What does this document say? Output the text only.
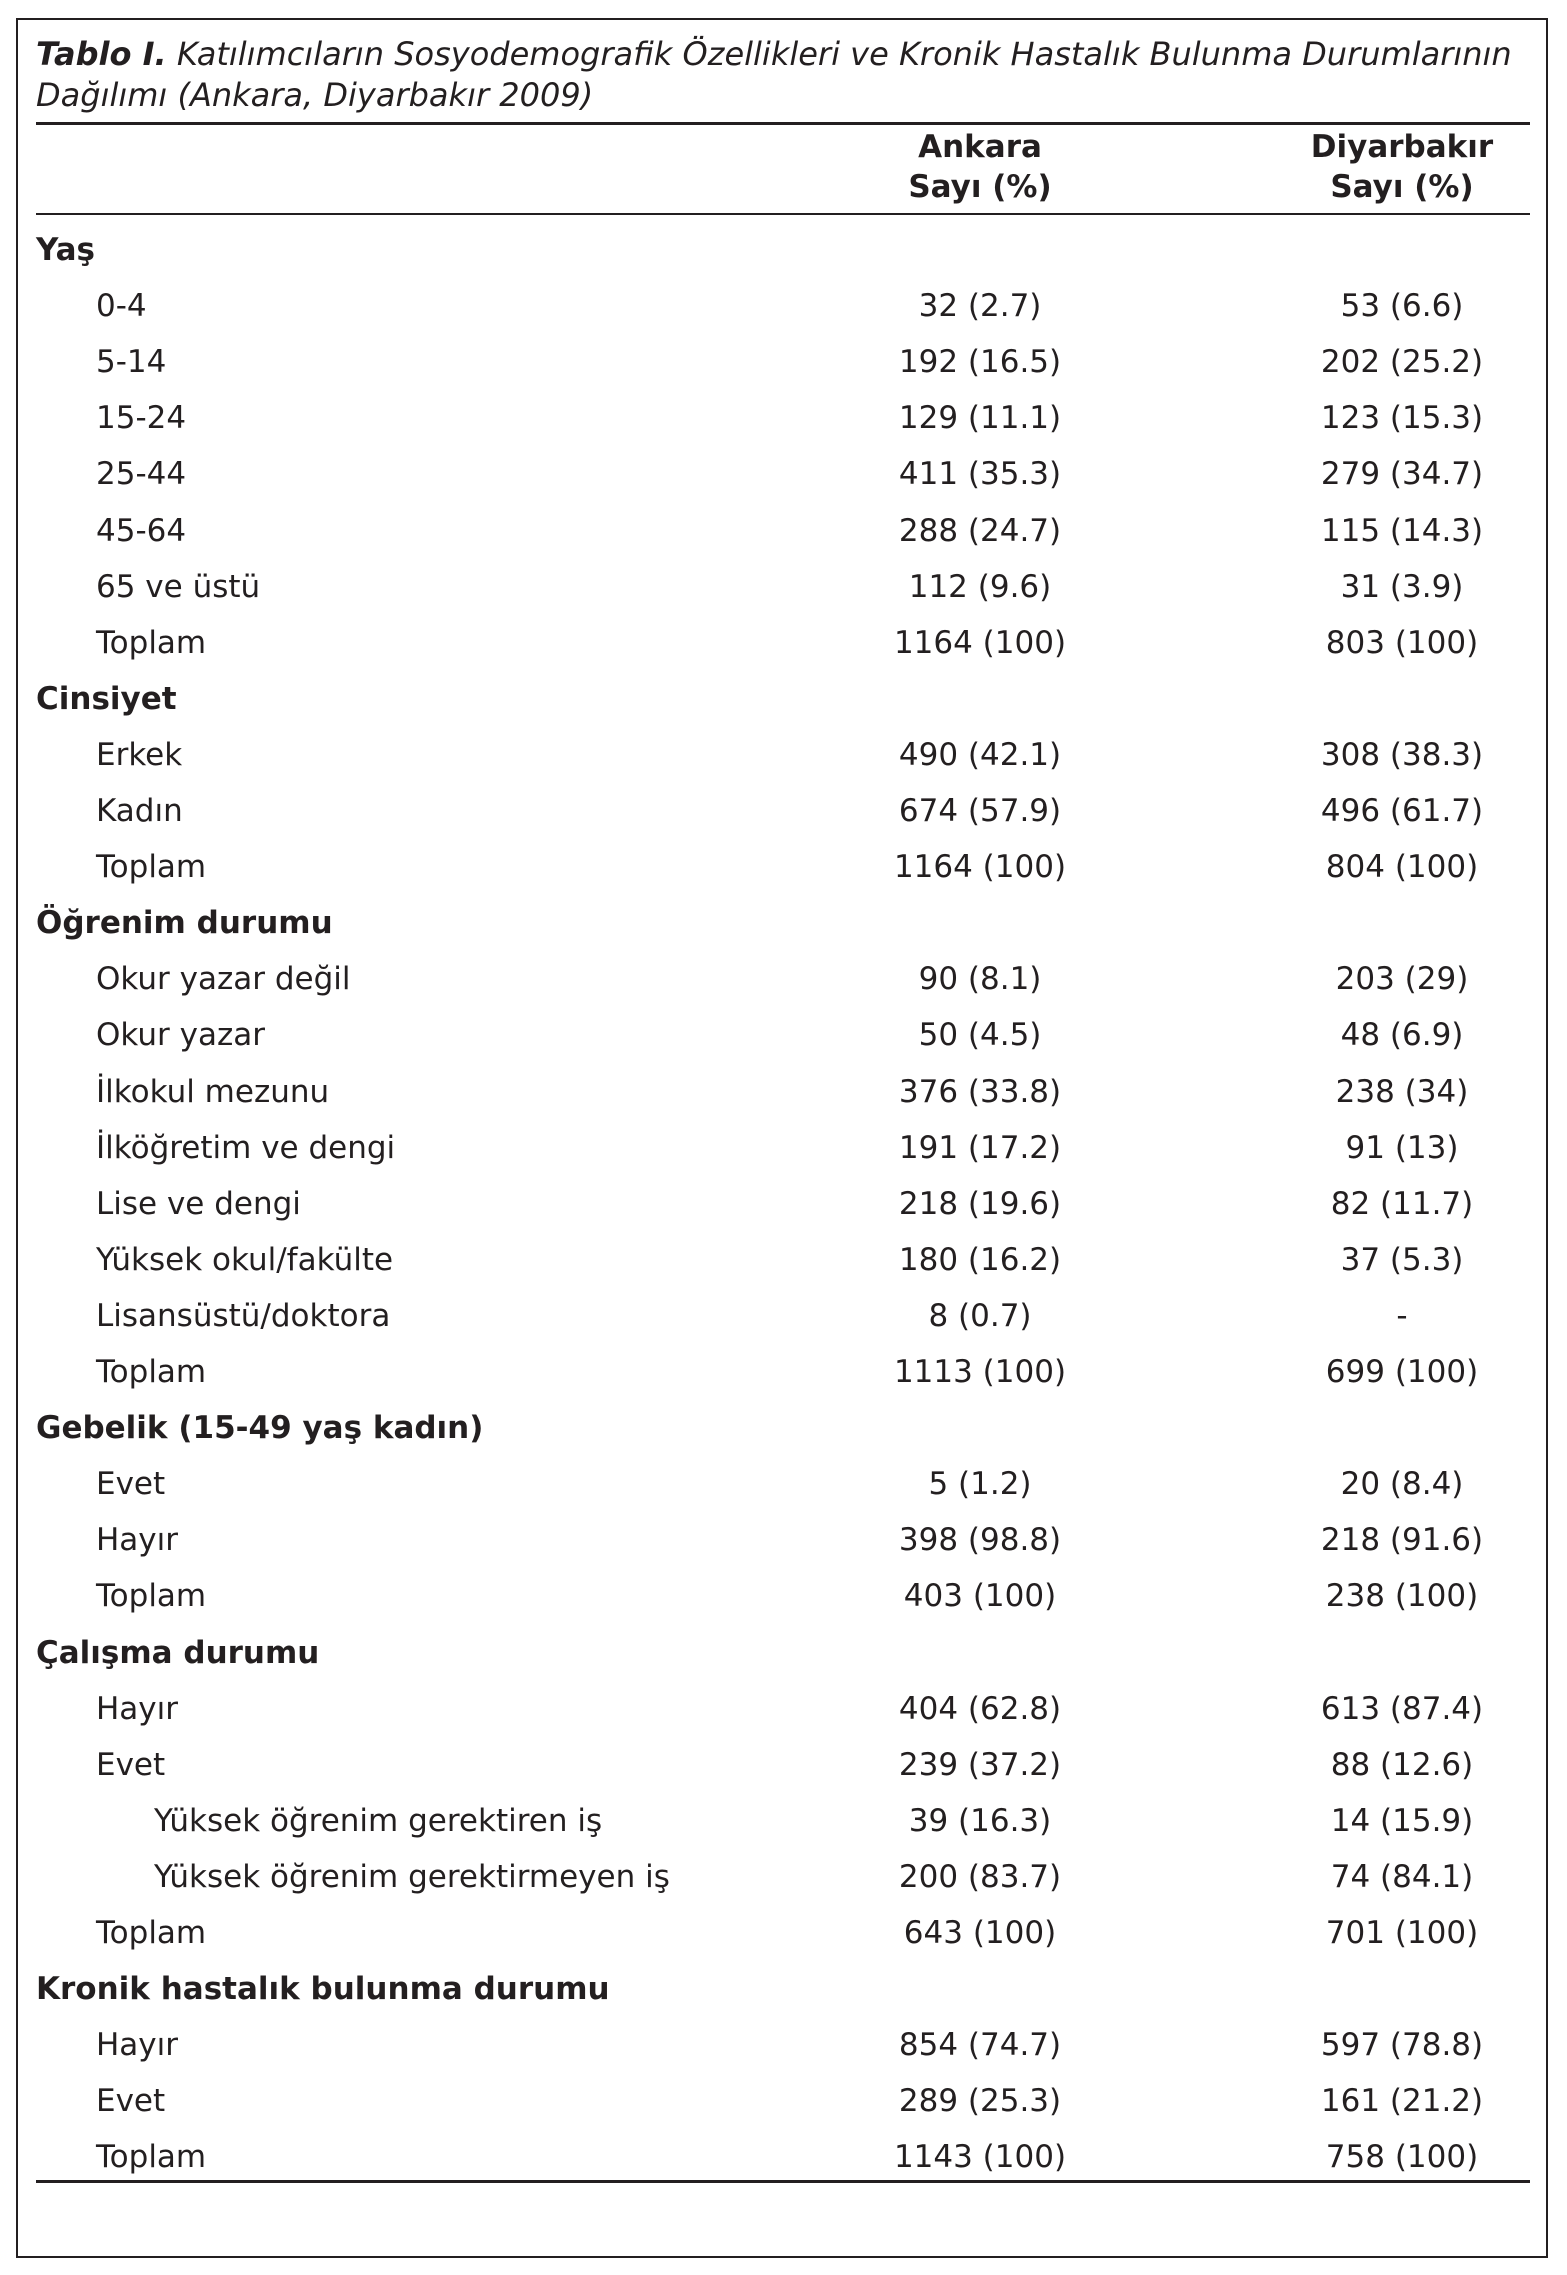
Tablo I. Katılımcıların Sosyodemografik Özellikleri ve Kronik Hastalık Bulunma Durumlarının Dağılımı (Ankara, Diyarbakır 2009)
Ankara
Sayı (%)
Diyarbakır
Sayı (%)
Yaş
0-4	32 (2.7)	53 (6.6)
5-14	192 (16.5)	202 (25.2)
15-24	129 (11.1)	123 (15.3)
25-44	411 (35.3)	279 (34.7)
45-64	288 (24.7)	115 (14.3)
65 ve üstü	112 (9.6)	31 (3.9)
Toplam	1164 (100)	803 (100)
Cinsiyet
Erkek	490 (42.1)	308 (38.3)
Kadın	674 (57.9)	496 (61.7)
Toplam	1164 (100)	804 (100)
Öğrenim durumu
Okur yazar değil	90 (8.1)	203 (29)
Okur yazar	50 (4.5)	48 (6.9)
İlkokul mezunu	376 (33.8)	238 (34)
İlköğretim ve dengi	191 (17.2)	91 (13)
Lise ve dengi	218 (19.6)	82 (11.7)
Yüksek okul/fakülte	180 (16.2)	37 (5.3)
Lisansüstü/doktora	8 (0.7)	-
Toplam	1113 (100)	699 (100)
Gebelik (15-49 yaş kadın)
Evet	5 (1.2)	20 (8.4)
Hayır	398 (98.8)	218 (91.6)
Toplam	403 (100)	238 (100)
Çalışma durumu
Hayır	404 (62.8)	613 (87.4)
Evet	239 (37.2)	88 (12.6)
Yüksek öğrenim gerektiren iş	39 (16.3)	14 (15.9)
Yüksek öğrenim gerektirmeyen iş	200 (83.7)	74 (84.1)
Toplam	643 (100)	701 (100)
Kronik hastalık bulunma durumu
Hayır	854 (74.7)	597 (78.8)
Evet	289 (25.3)	161 (21.2)
Toplam	1143 (100)	758 (100)
